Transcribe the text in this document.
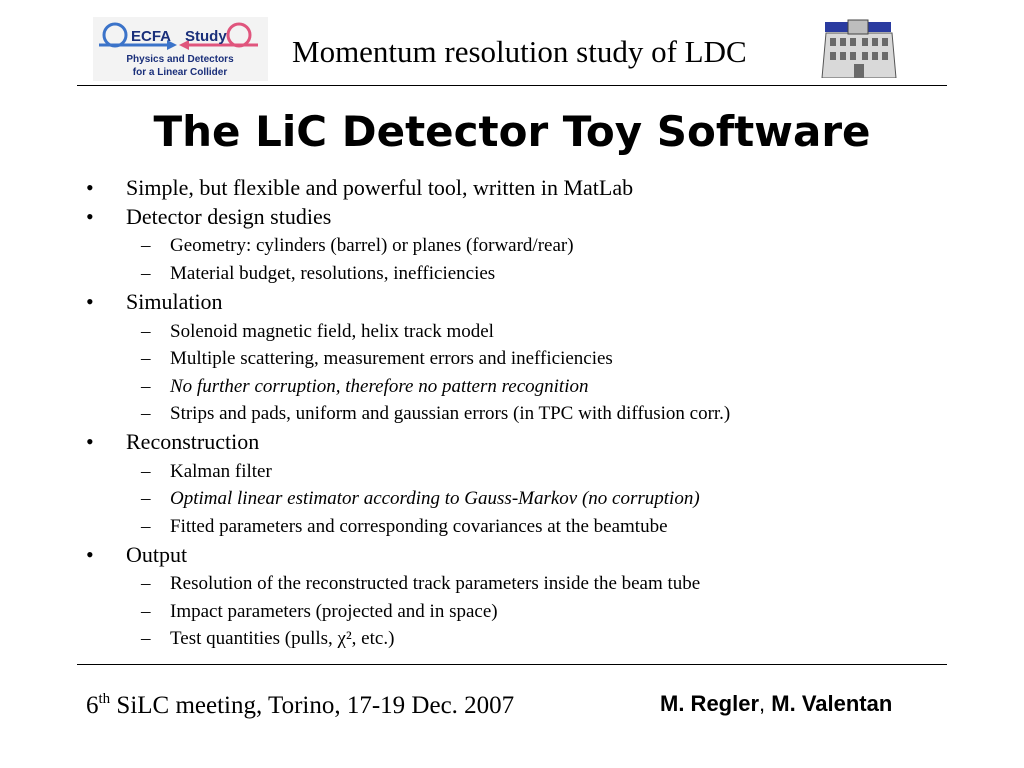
ECFA Study
Physics and Detectors
for a Linear Collider
Momentum resolution study of LDC
The LiC Detector Toy Software
• Simple, but flexible and powerful tool, written in MatLab
• Detector design studies
– Geometry: cylinders (barrel) or planes (forward/rear)
– Material budget, resolutions, inefficiencies
• Simulation
– Solenoid magnetic field, helix track model
– Multiple scattering, measurement errors and inefficiencies
– No further corruption, therefore no pattern recognition
– Strips and pads, uniform and gaussian errors (in TPC with diffusion corr.)
• Reconstruction
– Kalman filter
– Optimal linear estimator according to Gauss-Markov (no corruption)
– Fitted parameters and corresponding covariances at the beamtube
• Output
– Resolution of the reconstructed track parameters inside the beam tube
– Impact parameters (projected and in space)
– Test quantities (pulls, χ², etc.)
6th SiLC meeting, Torino, 17-19 Dec. 2007	M. Regler, M. Valentan
